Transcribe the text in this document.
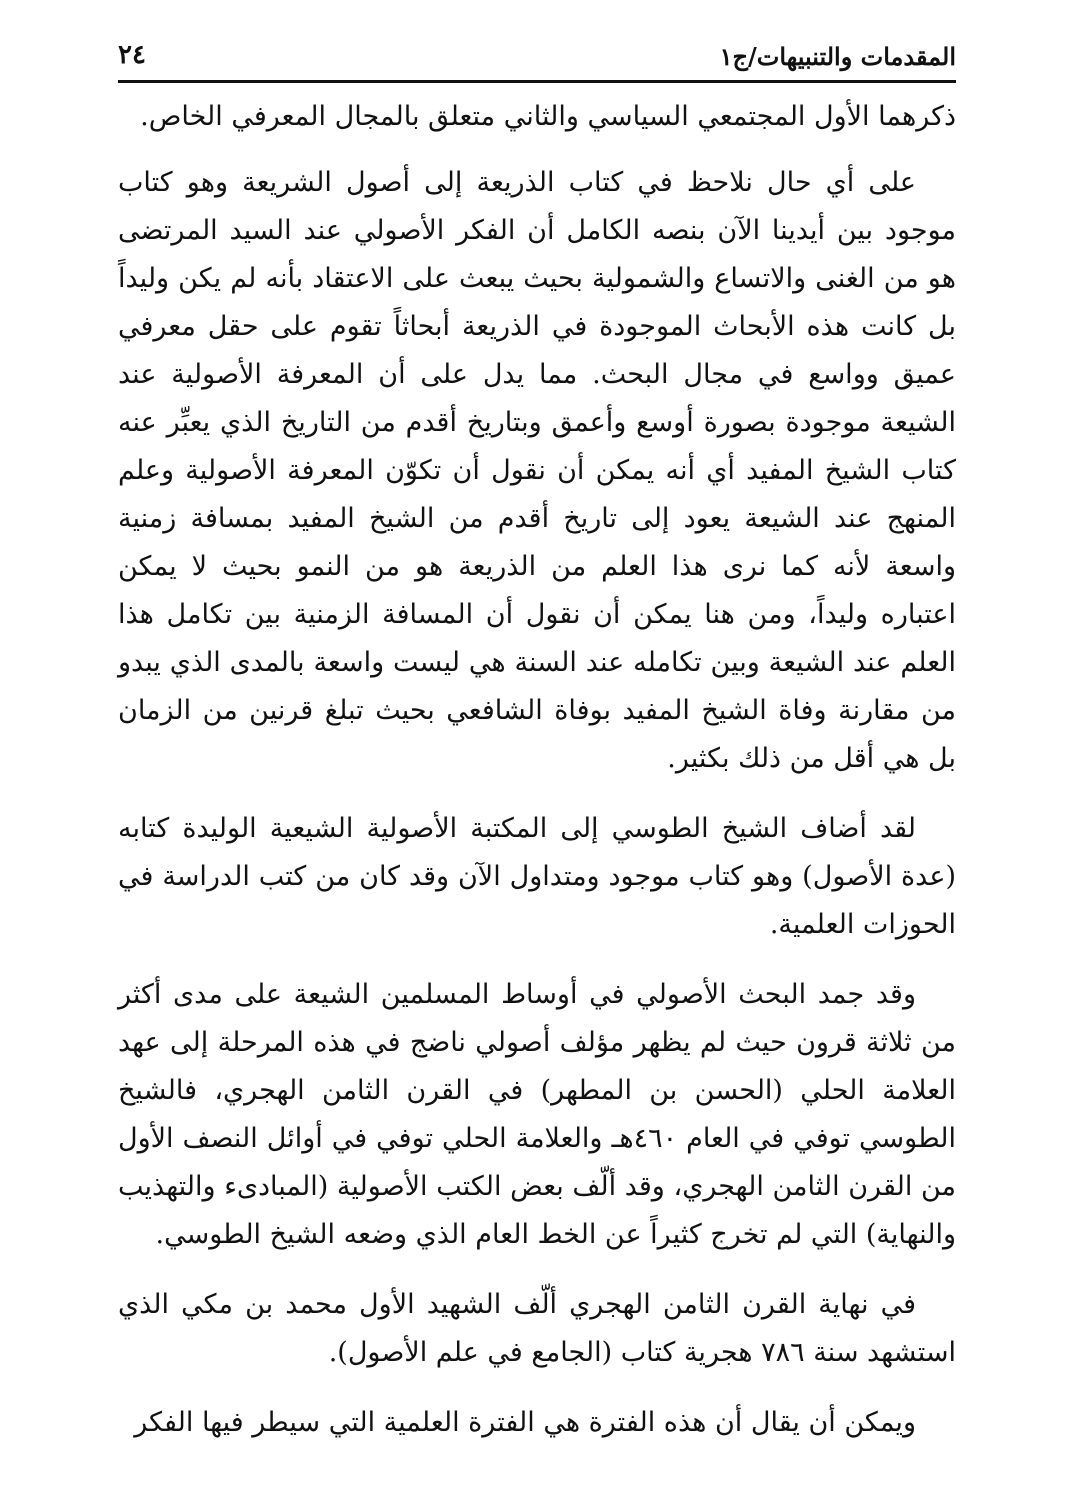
المقدمات والتنبيهات/ج١
٢٤

ذكرهما الأول المجتمعي السياسي والثاني متعلق بالمجال المعرفي الخاص.

على أي حال نلاحظ في كتاب الذريعة إلى أصول الشريعة وهو كتاب موجود بين أيدينا الآن بنصه الكامل أن الفكر الأصولي عند السيد المرتضى هو من الغنى والاتساع والشمولية بحيث يبعث على الاعتقاد بأنه لم يكن وليداً بل كانت هذه الأبحاث الموجودة في الذريعة أبحاثاً تقوم على حقل معرفي عميق وواسع في مجال البحث. مما يدل على أن المعرفة الأصولية عند الشيعة موجودة بصورة أوسع وأعمق وبتاريخ أقدم من التاريخ الذي يعبِّر عنه كتاب الشيخ المفيد أي أنه يمكن أن نقول أن تكوّن المعرفة الأصولية وعلم المنهج عند الشيعة يعود إلى تاريخ أقدم من الشيخ المفيد بمسافة زمنية واسعة لأنه كما نرى هذا العلم من الذريعة هو من النمو بحيث لا يمكن اعتباره وليداً، ومن هنا يمكن أن نقول أن المسافة الزمنية بين تكامل هذا العلم عند الشيعة وبين تكامله عند السنة هي ليست واسعة بالمدى الذي يبدو من مقارنة وفاة الشيخ المفيد بوفاة الشافعي بحيث تبلغ قرنين من الزمان بل هي أقل من ذلك بكثير.

لقد أضاف الشيخ الطوسي إلى المكتبة الأصولية الشيعية الوليدة كتابه (عدة الأصول) وهو كتاب موجود ومتداول الآن وقد كان من كتب الدراسة في الحوزات العلمية.

وقد جمد البحث الأصولي في أوساط المسلمين الشيعة على مدى أكثر من ثلاثة قرون حيث لم يظهر مؤلف أصولي ناضج في هذه المرحلة إلى عهد العلامة الحلي (الحسن بن المطهر) في القرن الثامن الهجري، فالشيخ الطوسي توفي في العام ٤٦٠هـ والعلامة الحلي توفي في أوائل النصف الأول من القرن الثامن الهجري، وقد ألّف بعض الكتب الأصولية (المبادىء والتهذيب والنهاية) التي لم تخرج كثيراً عن الخط العام الذي وضعه الشيخ الطوسي.

في نهاية القرن الثامن الهجري ألّف الشهيد الأول محمد بن مكي الذي استشهد سنة ٧٨٦ هجرية كتاب (الجامع في علم الأصول).

ويمكن أن يقال أن هذه الفترة هي الفترة العلمية التي سيطر فيها الفكر
